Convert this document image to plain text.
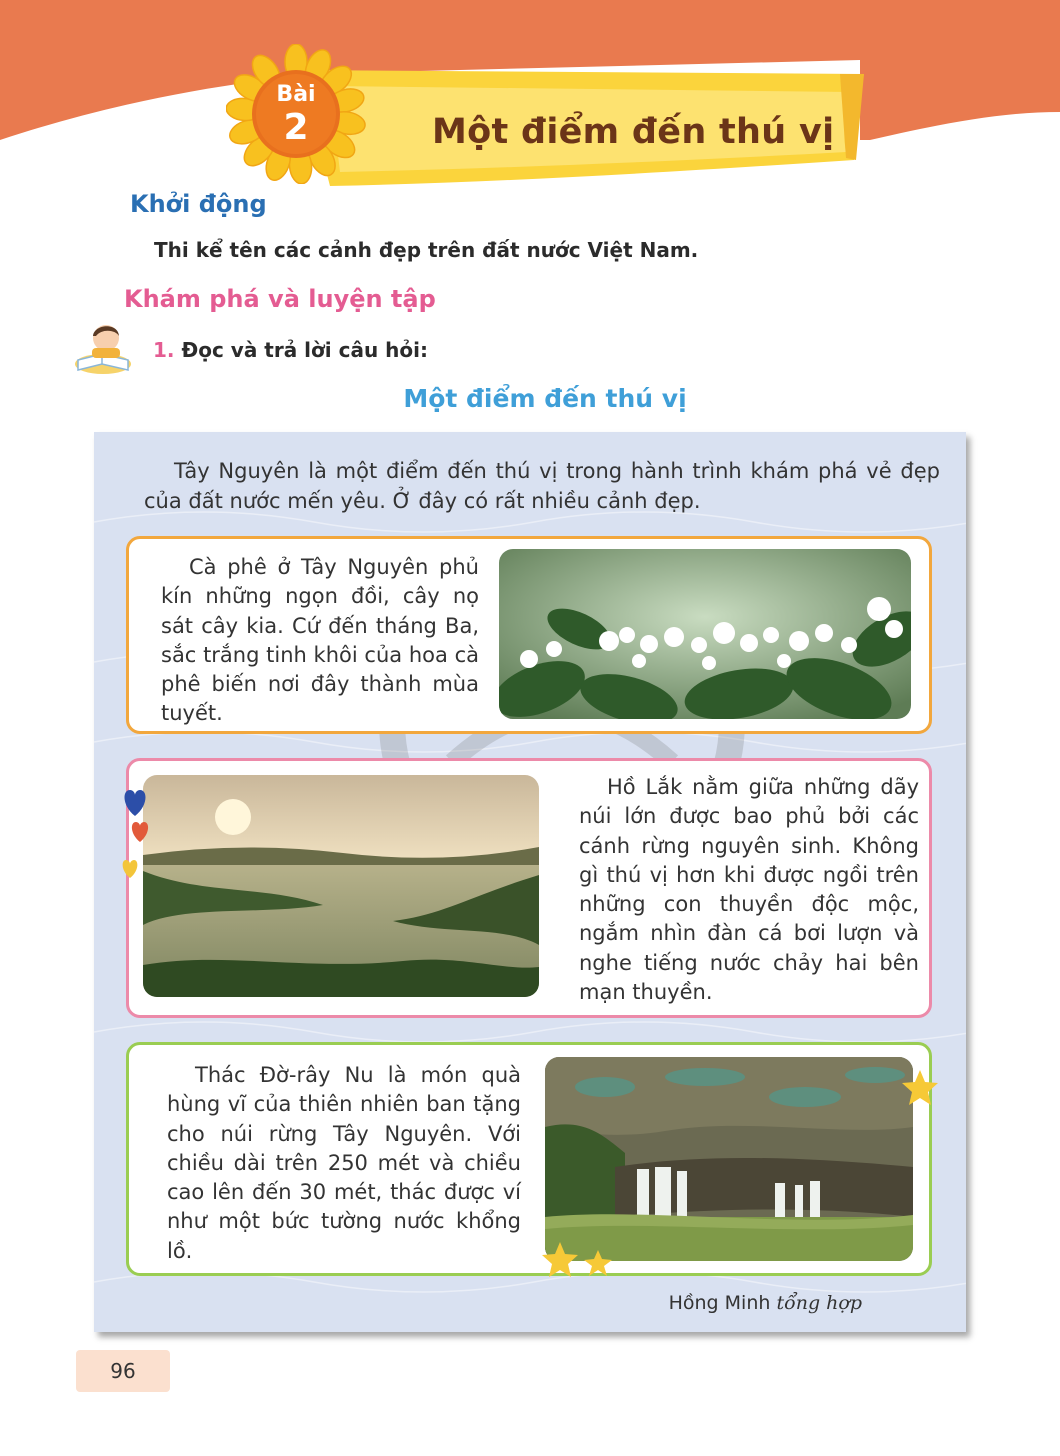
Bài
2	Một điểm đến thú vị
Khởi động
Thi kể tên các cảnh đẹp trên đất nước Việt Nam.
Khám phá và luyện tập
1. Đọc và trả lời câu hỏi:
Một điểm đến thú vị
Tây Nguyên là một điểm đến thú vị trong hành trình khám phá vẻ đẹp của đất nước mến yêu. Ở đây có rất nhiều cảnh đẹp.
Cà phê ở Tây Nguyên phủ kín những ngọn đồi, cây nọ sát cây kia. Cứ đến tháng Ba, sắc trắng tinh khôi của hoa cà phê biến nơi đây thành mùa tuyết.
Hồ Lắk nằm giữa những dãy núi lớn được bao phủ bởi các cánh rừng nguyên sinh. Không gì thú vị hơn khi được ngồi trên những con thuyền độc mộc, ngắm nhìn đàn cá bơi lượn và nghe tiếng nước chảy hai bên mạn thuyền.
Thác Đờ-rây Nu là món quà hùng vĩ của thiên nhiên ban tặng cho núi rừng Tây Nguyên. Với chiều dài trên 250 mét và chiều cao lên đến 30 mét, thác được ví như một bức tường nước khổng lồ.
Hồng Minh tổng hợp
96
